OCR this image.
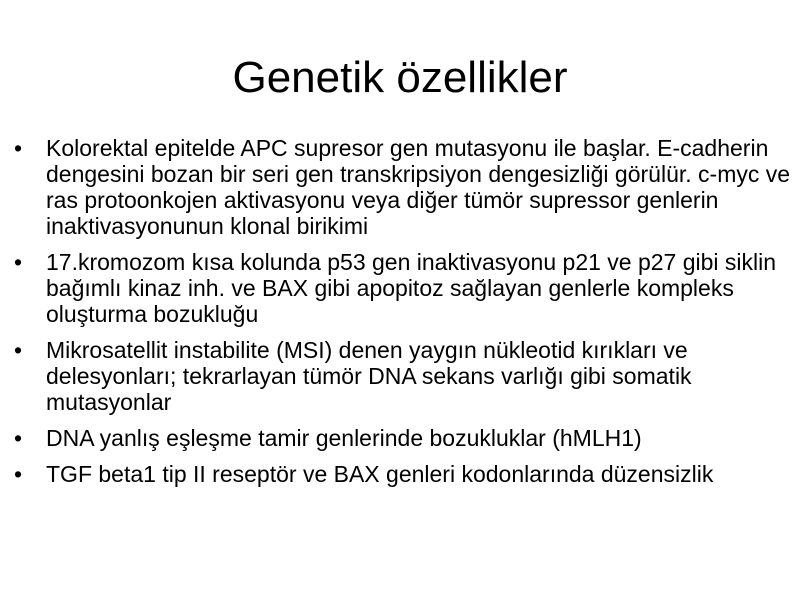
Genetik özellikler
• Kolorektal epitelde APC supresor gen mutasyonu ile başlar. E-cadherin dengesini bozan bir seri gen transkripsiyon dengesizliği görülür. c-myc ve ras protoonkojen aktivasyonu veya diğer tümör supressor genlerin inaktivasyonunun klonal birikimi
• 17.kromozom kısa kolunda p53 gen inaktivasyonu p21 ve p27 gibi siklin bağımlı kinaz inh. ve BAX gibi apopitoz sağlayan genlerle kompleks oluşturma bozukluğu
• Mikrosatellit instabilite (MSI) denen yaygın nükleotid kırıkları ve delesyonları; tekrarlayan tümör DNA sekans varlığı gibi somatik mutasyonlar
• DNA yanlış eşleşme tamir genlerinde bozukluklar (hMLH1)
• TGF beta1 tip II reseptör ve BAX genleri kodonlarında düzensizlik
